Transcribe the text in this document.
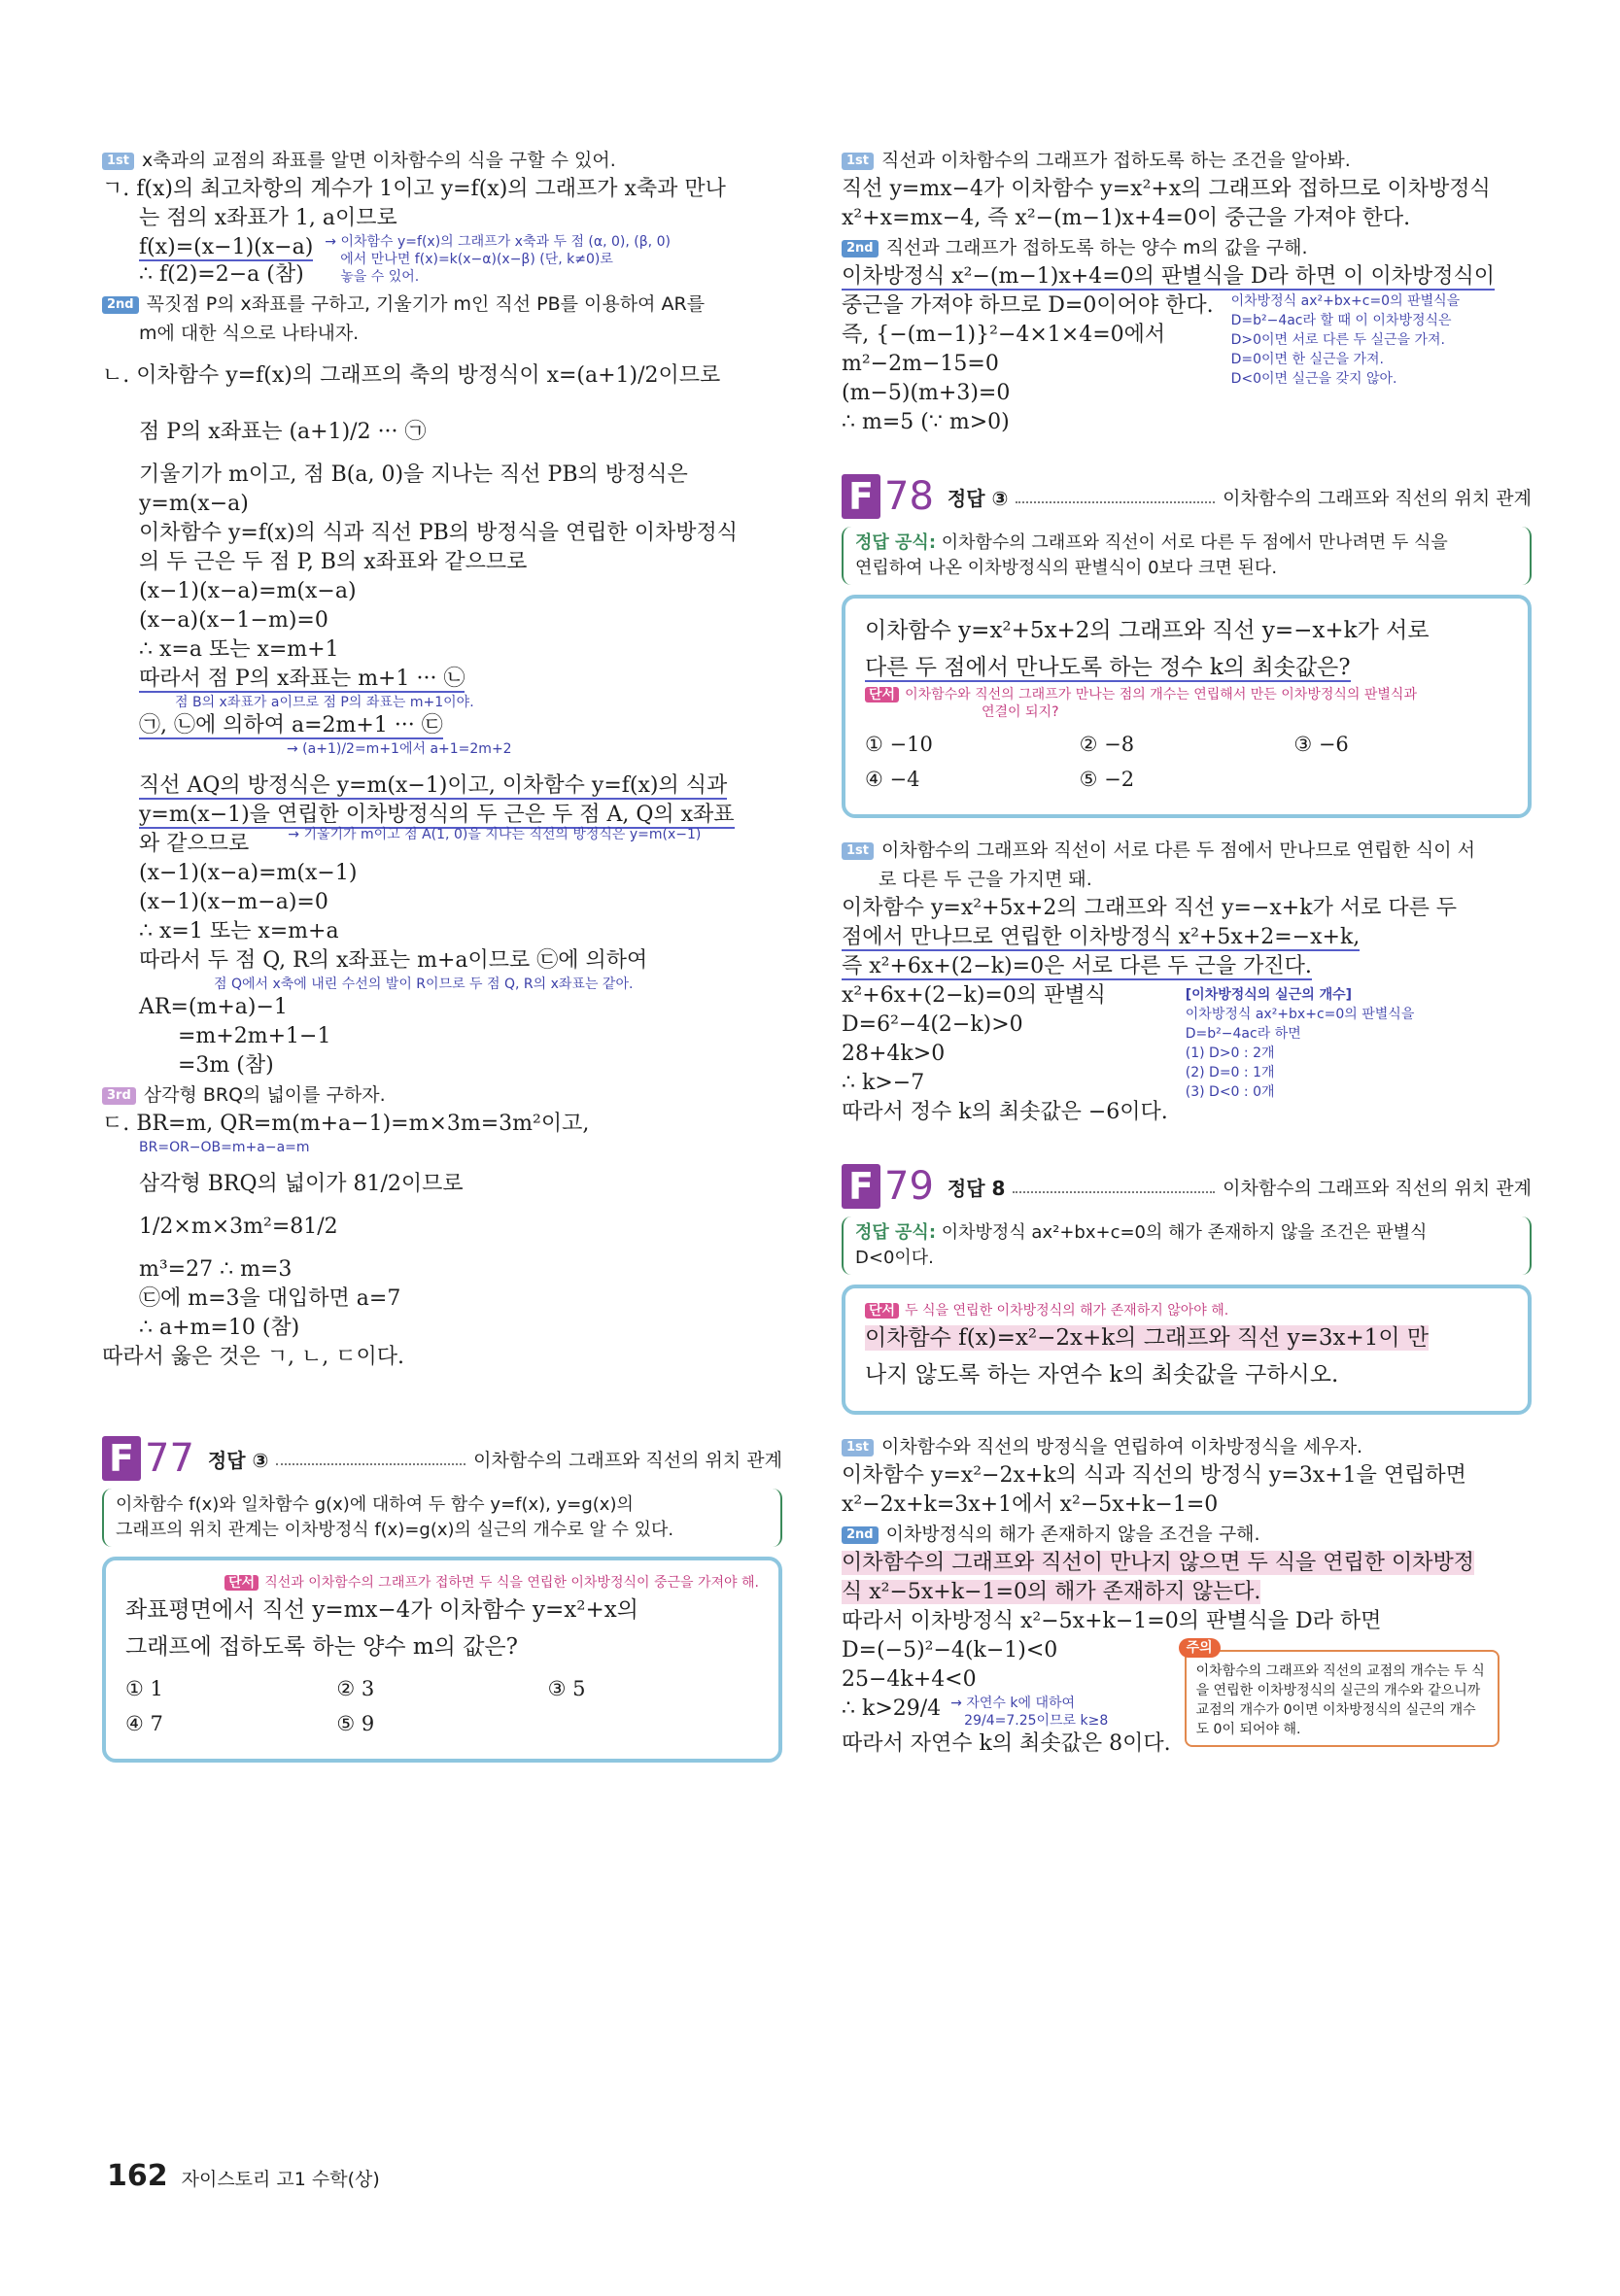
1st x축과의 교점의 좌표를 알면 이차함수의 식을 구할 수 있어.
ㄱ. f(x)의 최고차항의 계수가 1이고 y=f(x)의 그래프가 x축과 만나
는 점의 x좌표가 1, a이므로
f(x)=(x−1)(x−a) → 이차함수 y=f(x)의 그래프가 x축과 두 점 (α, 0), (β, 0)
에서 만나면 f(x)=k(x−α)(x−β) (단, k≠0)로
놓을 수 있어.
∴ f(2)=2−a (참)
2nd 꼭짓점 P의 x좌표를 구하고, 기울기가 m인 직선 PB를 이용하여 AR를
m에 대한 식으로 나타내자.
ㄴ. 이차함수 y=f(x)의 그래프의 축의 방정식이 x=(a+1)/2이므로
점 P의 x좌표는 (a+1)/2 ··· ㉠
기울기가 m이고, 점 B(a, 0)을 지나는 직선 PB의 방정식은
y=m(x−a)
이차함수 y=f(x)의 식과 직선 PB의 방정식을 연립한 이차방정식
의 두 근은 두 점 P, B의 x좌표와 같으므로
(x−1)(x−a)=m(x−a)
(x−a)(x−1−m)=0
∴ x=a 또는 x=m+1
따라서 점 P의 x좌표는 m+1 ··· ㉡
점 B의 x좌표가 a이므로 점 P의 좌표는 m+1이야.
㉠, ㉡에 의하여 a=2m+1 ··· ㉢
→ (a+1)/2=m+1에서 a+1=2m+2
직선 AQ의 방정식은 y=m(x−1)이고, 이차함수 y=f(x)의 식과
y=m(x−1)을 연립한 이차방정식의 두 근은 두 점 A, Q의 x좌표
와 같으므로	→ 기울기가 m이고 점 A(1, 0)을 지나는 직선의 방정식은 y=m(x−1)
(x−1)(x−a)=m(x−1)
(x−1)(x−m−a)=0
∴ x=1 또는 x=m+a
따라서 두 점 Q, R의 x좌표는 m+a이므로 ㉢에 의하여
점 Q에서 x축에 내린 수선의 발이 R이므로 두 점 Q, R의 x좌표는 같아.
AR=(m+a)−1
=m+2m+1−1
=3m (참)
3rd 삼각형 BRQ의 넓이를 구하자.
ㄷ. BR=m, QR=m(m+a−1)=m×3m=3m²이고,
BR=OR−OB=m+a−a=m
삼각형 BRQ의 넓이가 81/2이므로
1/2×m×3m²=81/2
m³=27 ∴ m=3
㉢에 m=3을 대입하면 a=7
∴ a+m=10 (참)
따라서 옳은 것은 ㄱ, ㄴ, ㄷ이다.
F 77 정답 ③	이차함수의 그래프와 직선의 위치 관계
이차함수 f(x)와 일차함수 g(x)에 대하여 두 함수 y=f(x), y=g(x)의
그래프의 위치 관계는 이차방정식 f(x)=g(x)의 실근의 개수로 알 수 있다.
단서 직선과 이차함수의 그래프가 접하면 두 식을 연립한 이차방정식이 중근을 가져야 해.
좌표평면에서 직선 y=mx−4가 이차함수 y=x²+x의
그래프에 접하도록 하는 양수 m의 값은?
① 1	② 3	③ 5
④ 7	⑤ 9
1st 직선과 이차함수의 그래프가 접하도록 하는 조건을 알아봐.
직선 y=mx−4가 이차함수 y=x²+x의 그래프와 접하므로 이차방정식
x²+x=mx−4, 즉 x²−(m−1)x+4=0이 중근을 가져야 한다.
2nd 직선과 그래프가 접하도록 하는 양수 m의 값을 구해.
이차방정식 x²−(m−1)x+4=0의 판별식을 D라 하면 이 이차방정식이
중근을 가져야 하므로 D=0이어야 한다.
즉, {−(m−1)}²−4×1×4=0에서
m²−2m−15=0
(m−5)(m+3)=0
∴ m=5 (∵ m>0)
이차방정식 ax²+bx+c=0의 판별식을
D=b²−4ac라 할 때 이 이차방정식은
D>0이면 서로 다른 두 실근을 가져.
D=0이면 한 실근을 가져.
D<0이면 실근을 갖지 않아.
F 78 정답 ③	이차함수의 그래프와 직선의 위치 관계
정답 공식: 이차함수의 그래프와 직선이 서로 다른 두 점에서 만나려면 두 식을
연립하여 나온 이차방정식의 판별식이 0보다 크면 된다.
이차함수 y=x²+5x+2의 그래프와 직선 y=−x+k가 서로
다른 두 점에서 만나도록 하는 정수 k의 최솟값은?
단서 이차함수와 직선의 그래프가 만나는 점의 개수는 연립해서 만든 이차방정식의 판별식과
연결이 되지?
① −10	② −8	③ −6
④ −4	⑤ −2
1st 이차함수의 그래프와 직선이 서로 다른 두 점에서 만나므로 연립한 식이 서
로 다른 두 근을 가지면 돼.
이차함수 y=x²+5x+2의 그래프와 직선 y=−x+k가 서로 다른 두
점에서 만나므로 연립한 이차방정식 x²+5x+2=−x+k,
즉 x²+6x+(2−k)=0은 서로 다른 두 근을 가진다.
x²+6x+(2−k)=0의 판별식
D=6²−4(2−k)>0
28+4k>0
∴ k>−7
따라서 정수 k의 최솟값은 −6이다.
[이차방정식의 실근의 개수]
이차방정식 ax²+bx+c=0의 판별식을
D=b²−4ac라 하면
(1) D>0 : 2개
(2) D=0 : 1개
(3) D<0 : 0개
F 79 정답 8	이차함수의 그래프와 직선의 위치 관계
정답 공식: 이차방정식 ax²+bx+c=0의 해가 존재하지 않을 조건은 판별식
D<0이다.
단서 두 식을 연립한 이차방정식의 해가 존재하지 않아야 해.
이차함수 f(x)=x²−2x+k의 그래프와 직선 y=3x+1이 만
나지 않도록 하는 자연수 k의 최솟값을 구하시오.
1st 이차함수와 직선의 방정식을 연립하여 이차방정식을 세우자.
이차함수 y=x²−2x+k의 식과 직선의 방정식 y=3x+1을 연립하면
x²−2x+k=3x+1에서 x²−5x+k−1=0
2nd 이차방정식의 해가 존재하지 않을 조건을 구해.
이차함수의 그래프와 직선이 만나지 않으면 두 식을 연립한 이차방정
식 x²−5x+k−1=0의 해가 존재하지 않는다.
따라서 이차방정식 x²−5x+k−1=0의 판별식을 D라 하면
D=(−5)²−4(k−1)<0
25−4k+4<0
∴ k>29/4 → 자연수 k에 대하여
29/4=7.25이므로 k≥8
따라서 자연수 k의 최솟값은 8이다.
주의
이차함수의 그래프와 직선의 교점의 개수는 두 식을 연립한 이차방정식의 실근의 개수와 같으니까 교점의 개수가 0이면 이차방정식의 실근의 개수도 0이 되어야 해.
162 자이스토리 고1 수학(상)
